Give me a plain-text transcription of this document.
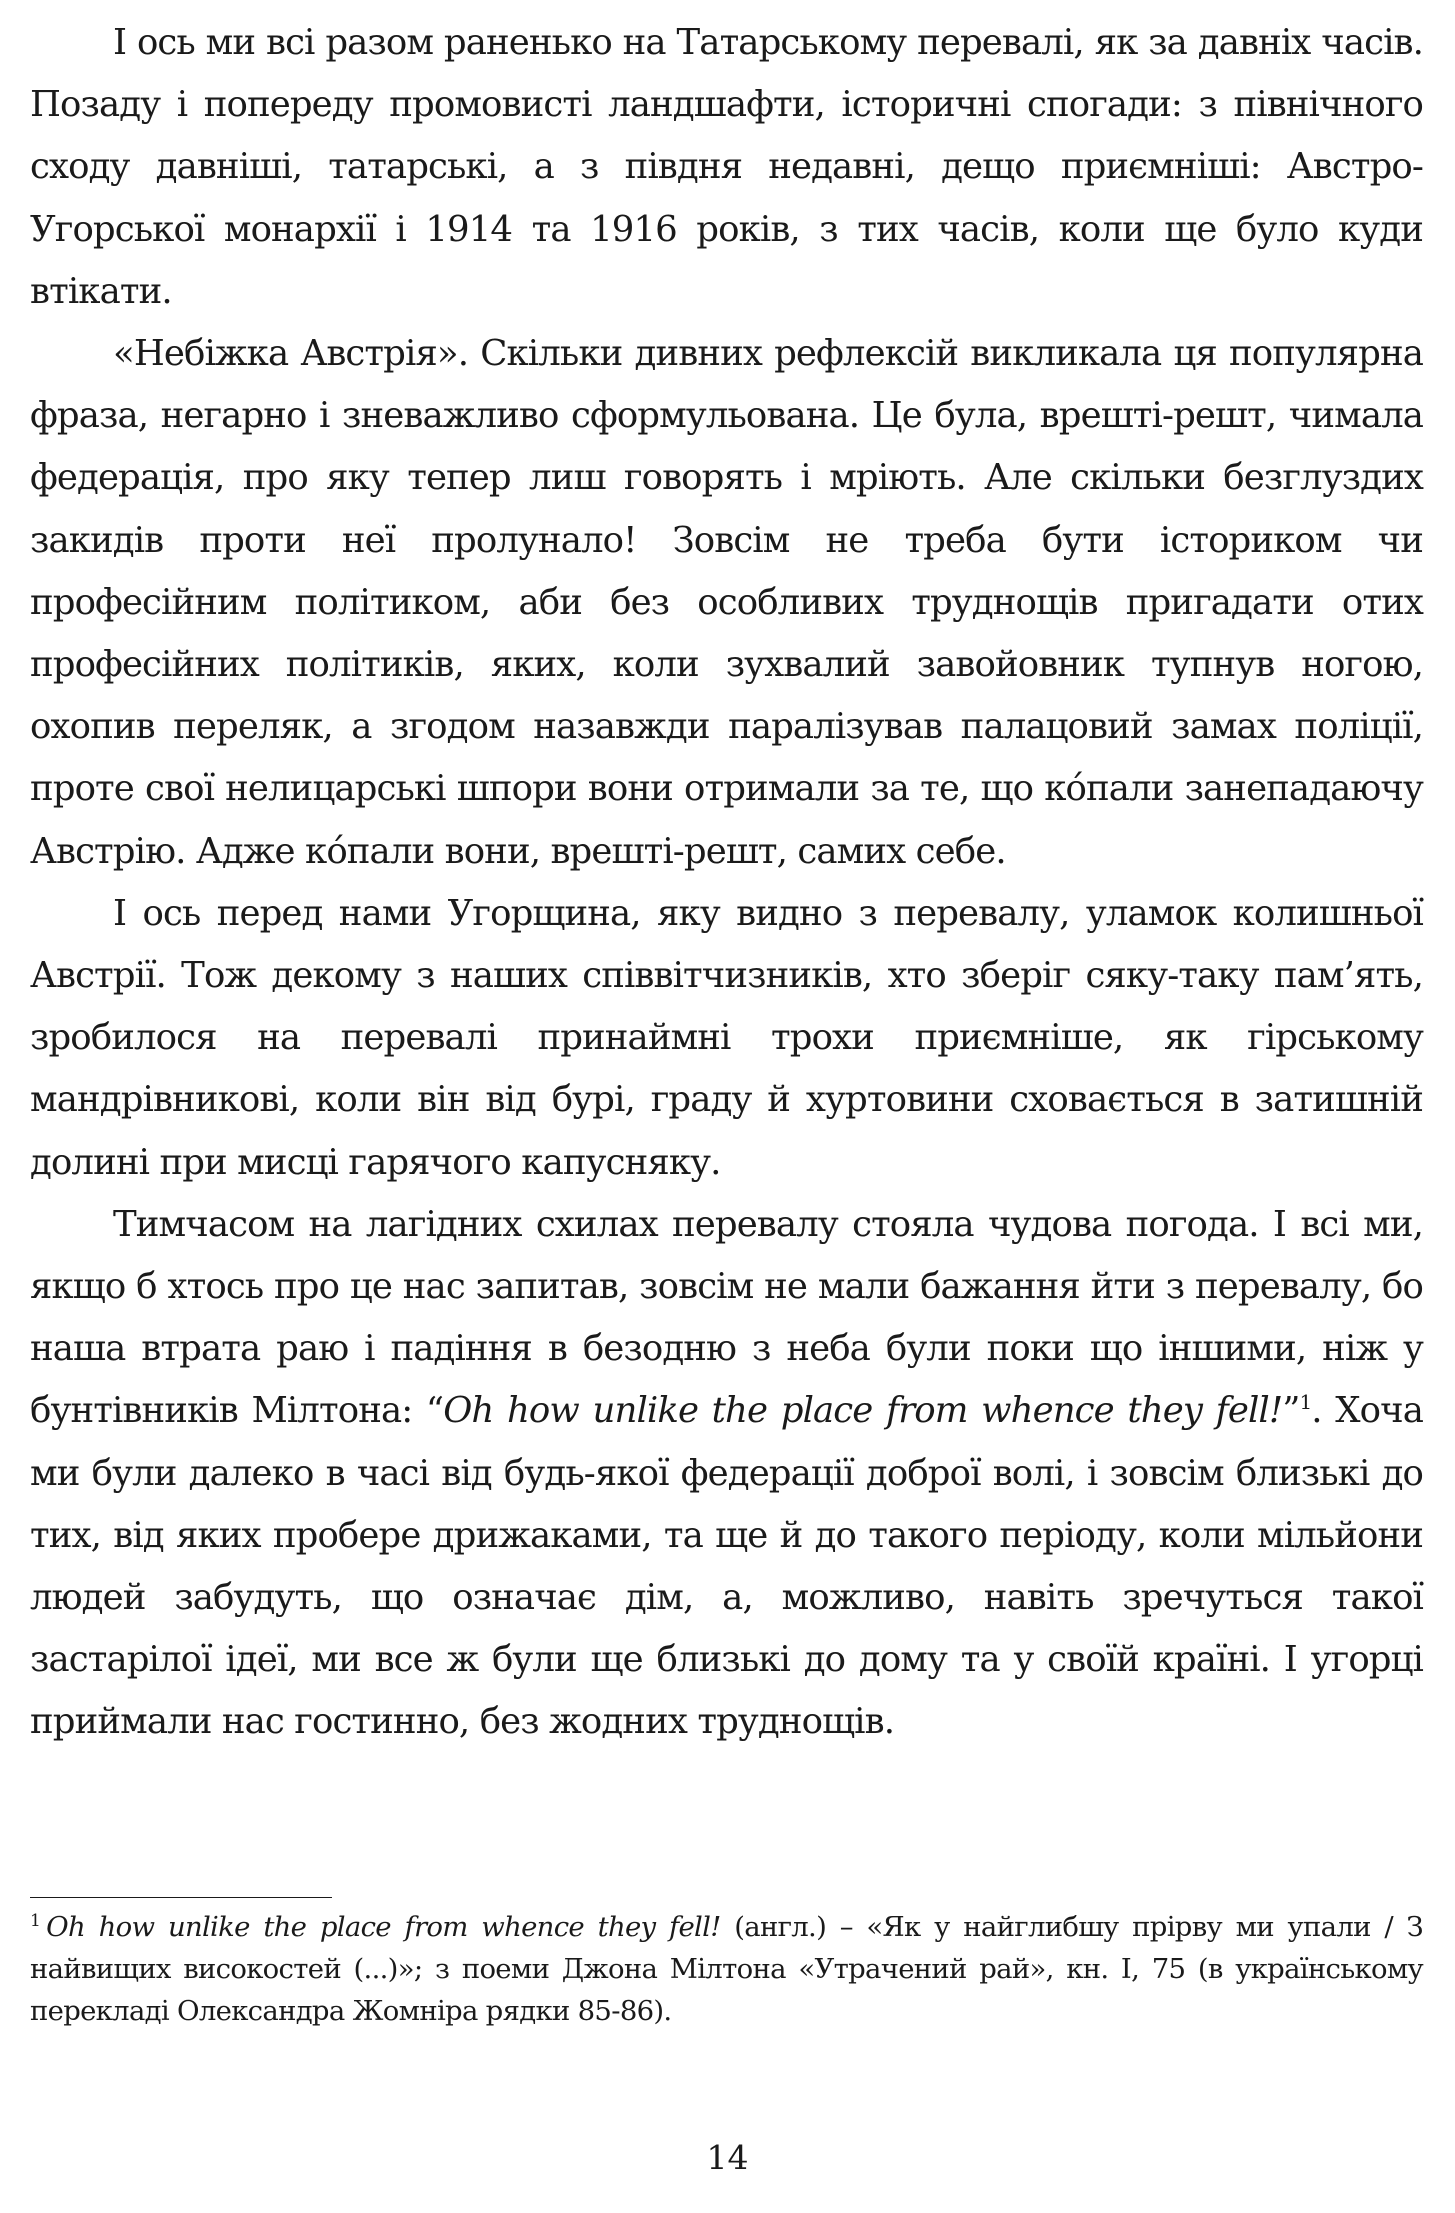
І ось ми всі разом раненько на Татарському перевалі, як за давніх часів. Позаду і попереду промовисті ландшафти, історичні спогади: з північного сходу давніші, татарські, а з півдня недавні, дещо приємніші: Австро-Угорської монархії і 1914 та 1916 років, з тих часів, коли ще було куди втікати.

«Небіжка Австрія». Скільки дивних рефлексій викликала ця популярна фраза, негарно і зневажливо сформульована. Це була, врешті-решт, чимала федерація, про яку тепер лиш говорять і мріють. Але скільки безглуздих закидів проти неї пролунало! Зовсім не треба бути істориком чи професійним політиком, аби без особливих труднощів пригадати отих професійних політиків, яких, коли зухвалий завойовник тупнув ногою, охопив переляк, а згодом назавжди паралізував палацовий замах поліції, проте свої нелицарські шпори вони отримали за те, що ко́пали занепадаючу Австрію. Адже ко́пали вони, врешті-решт, самих себе.

І ось перед нами Угорщина, яку видно з перевалу, уламок колишньої Австрії. Тож декому з наших співвітчизників, хто зберіг сяку-таку пам’ять, зробилося на перевалі принаймні трохи приємніше, як гірському мандрівникові, коли він від бурі, граду й хуртовини сховається в затишній долині при мисці гарячого капусняку.

Тимчасом на лагідних схилах перевалу стояла чудова погода. І всі ми, якщо б хтось про це нас запитав, зовсім не мали бажання йти з перевалу, бо наша втрата раю і падіння в безодню з неба були поки що іншими, ніж у бунтівників Мілтона: “Oh how unlike the place from whence they fell!”$^1$. Хоча ми були далеко в часі від будь-якої федерації доброї волі, і зовсім близькі до тих, від яких пробере дрижаками, та ще й до такого періоду, коли мільйони людей забудуть, що означає дім, а, можливо, навіть зречуться такої застарілої ідеї, ми все ж були ще близькі до дому та у своїй країні. І угорці приймали нас гостинно, без жодних труднощів.

$^1$ Oh how unlike the place from whence they fell! (англ.) – «Як у найглибшу прірву ми упали / З найвищих високостей (...)»; з поеми Джона Мілтона «Утрачений рай», кн. І, 75 (в українському перекладі Олександра Жомніра рядки 85-86).

14
